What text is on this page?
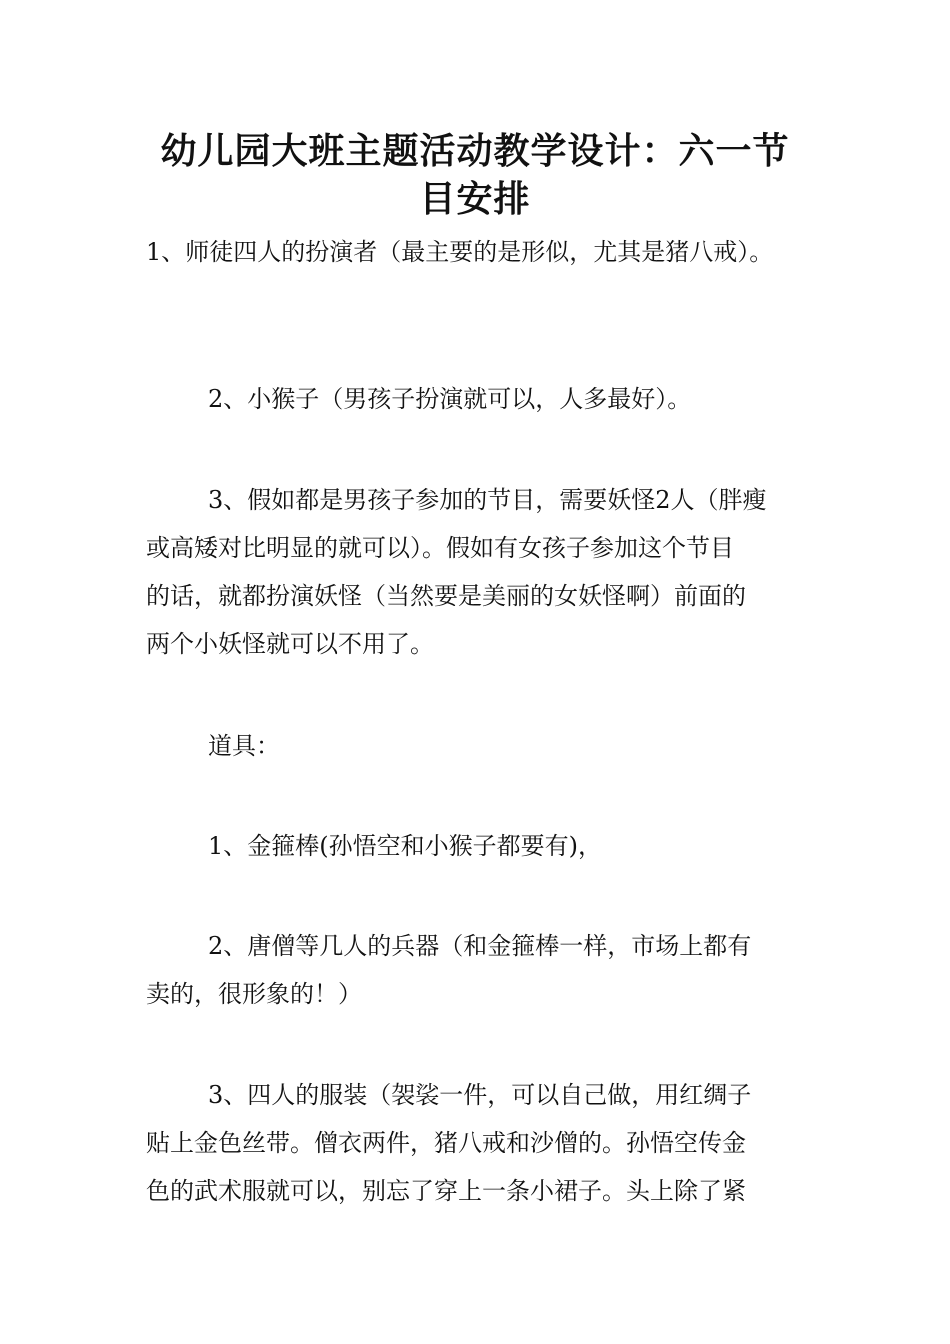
幼儿园大班主题活动教学设计：六一节
目安排

1、师徒四人的扮演者（最主要的是形似，尤其是猪八戒）。

2、小猴子（男孩子扮演就可以，人多最好）。

3、假如都是男孩子参加的节目，需要妖怪2人（胖瘦
或高矮对比明显的就可以）。假如有女孩子参加这个节目
的话，就都扮演妖怪（当然要是美丽的女妖怪啊）前面的
两个小妖怪就可以不用了。

道具：

1、金箍棒(孙悟空和小猴子都要有)，

2、唐僧等几人的兵器（和金箍棒一样，市场上都有
卖的，很形象的！）

3、四人的服装（袈裟一件，可以自己做，用红绸子
贴上金色丝带。僧衣两件，猪八戒和沙僧的。孙悟空传金
色的武术服就可以，别忘了穿上一条小裙子。头上除了紧
